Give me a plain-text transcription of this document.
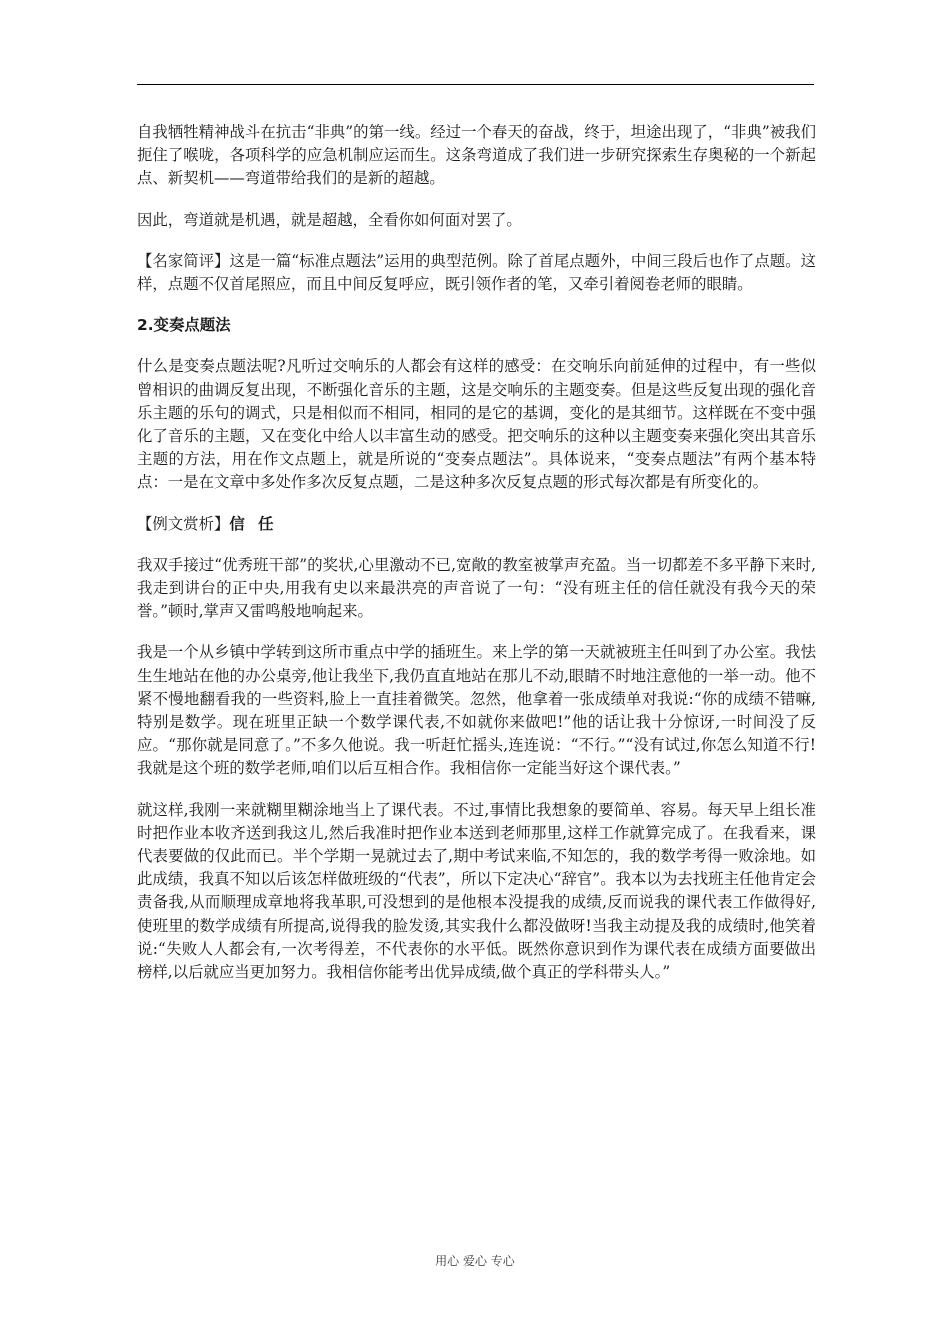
自我牺牲精神战斗在抗击“非典”的第一线。经过一个春天的奋战，终于，坦途出现了，“非典”被我们扼住了喉咙，各项科学的应急机制应运而生。这条弯道成了我们进一步研究探索生存奥秘的一个新起点、新契机——弯道带给我们的是新的超越。

因此，弯道就是机遇，就是超越，全看你如何面对罢了。

【名家简评】这是一篇“标准点题法”运用的典型范例。除了首尾点题外，中间三段后也作了点题。这样，点题不仅首尾照应，而且中间反复呼应，既引领作者的笔，又牵引着阅卷老师的眼睛。

2.变奏点题法

什么是变奏点题法呢?凡听过交响乐的人都会有这样的感受：在交响乐向前延伸的过程中，有一些似曾相识的曲调反复出现，不断强化音乐的主题，这是交响乐的主题变奏。但是这些反复出现的强化音乐主题的乐句的调式，只是相似而不相同，相同的是它的基调，变化的是其细节。这样既在不变中强化了音乐的主题，又在变化中给人以丰富生动的感受。把交响乐的这种以主题变奏来强化突出其音乐主题的方法，用在作文点题上，就是所说的“变奏点题法”。具体说来，“变奏点题法”有两个基本特点：一是在文章中多处作多次反复点题，二是这种多次反复点题的形式每次都是有所变化的。

【例文赏析】信 任

我双手接过“优秀班干部”的奖状,心里激动不已,宽敞的教室被掌声充盈。当一切都差不多平静下来时,我走到讲台的正中央,用我有史以来最洪亮的声音说了一句：“没有班主任的信任就没有我今天的荣誉。”顿时,掌声又雷鸣般地响起来。

我是一个从乡镇中学转到这所市重点中学的插班生。来上学的第一天就被班主任叫到了办公室。我怯生生地站在他的办公桌旁,他让我坐下,我仍直直地站在那儿不动,眼睛不时地注意他的一举一动。他不紧不慢地翻看我的一些资料,脸上一直挂着微笑。忽然，他拿着一张成绩单对我说:“你的成绩不错嘛,特别是数学。现在班里正缺一个数学课代表,不如就你来做吧!”他的话让我十分惊讶,一时间没了反应。“那你就是同意了。”不多久他说。我一听赶忙摇头,连连说：“不行。”“没有试过,你怎么知道不行!我就是这个班的数学老师,咱们以后互相合作。我相信你一定能当好这个课代表。”

就这样,我刚一来就糊里糊涂地当上了课代表。不过,事情比我想象的要简单、容易。每天早上组长准时把作业本收齐送到我这儿,然后我准时把作业本送到老师那里,这样工作就算完成了。在我看来，课代表要做的仅此而已。半个学期一晃就过去了,期中考试来临,不知怎的，我的数学考得一败涂地。如此成绩，我真不知以后该怎样做班级的“代表”，所以下定决心“辞官”。我本以为去找班主任他肯定会责备我,从而顺理成章地将我革职,可没想到的是他根本没提我的成绩,反而说我的课代表工作做得好,使班里的数学成绩有所提高,说得我的脸发烫,其实我什么都没做呀!当我主动提及我的成绩时,他笑着说:“失败人人都会有,一次考得差，不代表你的水平低。既然你意识到作为课代表在成绩方面要做出榜样,以后就应当更加努力。我相信你能考出优异成绩,做个真正的学科带头人。”

用心 爱心 专心
